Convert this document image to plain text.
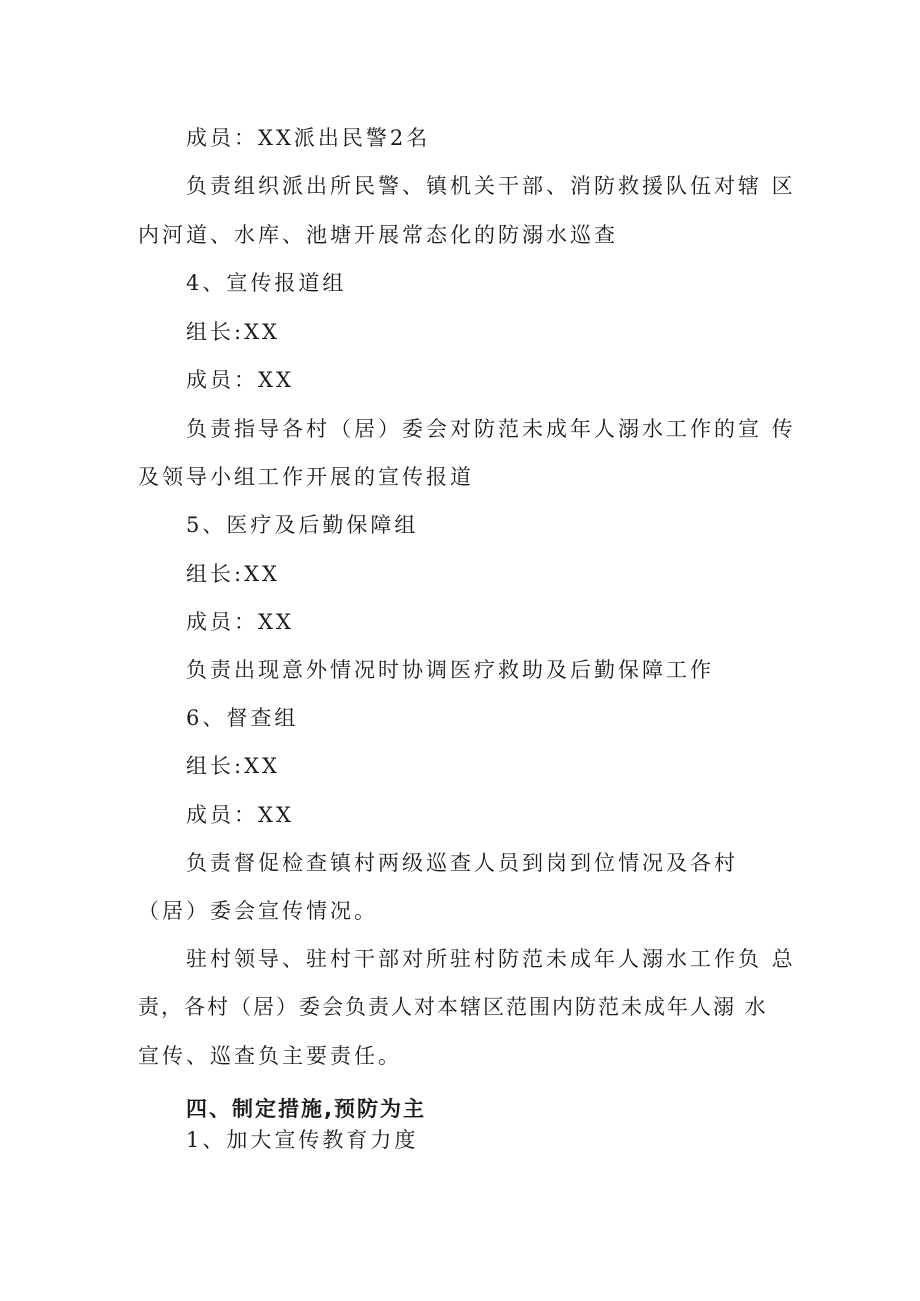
成员：XX派出民警2名
负责组织派出所民警、镇机关干部、消防救援队伍对辖 区
内河道、水库、池塘开展常态化的防溺水巡查
4、宣传报道组
组长:XX
成员：XX
负责指导各村（居）委会对防范未成年人溺水工作的宣 传
及领导小组工作开展的宣传报道
5、医疗及后勤保障组
组长:XX
成员：XX
负责出现意外情况时协调医疗救助及后勤保障工作
6、督查组
组长:XX
成员：XX
负责督促检查镇村两级巡查人员到岗到位情况及各村
（居）委会宣传情况。
驻村领导、驻村干部对所驻村防范未成年人溺水工作负 总
责，各村（居）委会负责人对本辖区范围内防范未成年人溺 水
宣传、巡查负主要责任。
四、制定措施,预防为主
1、加大宣传教育力度
